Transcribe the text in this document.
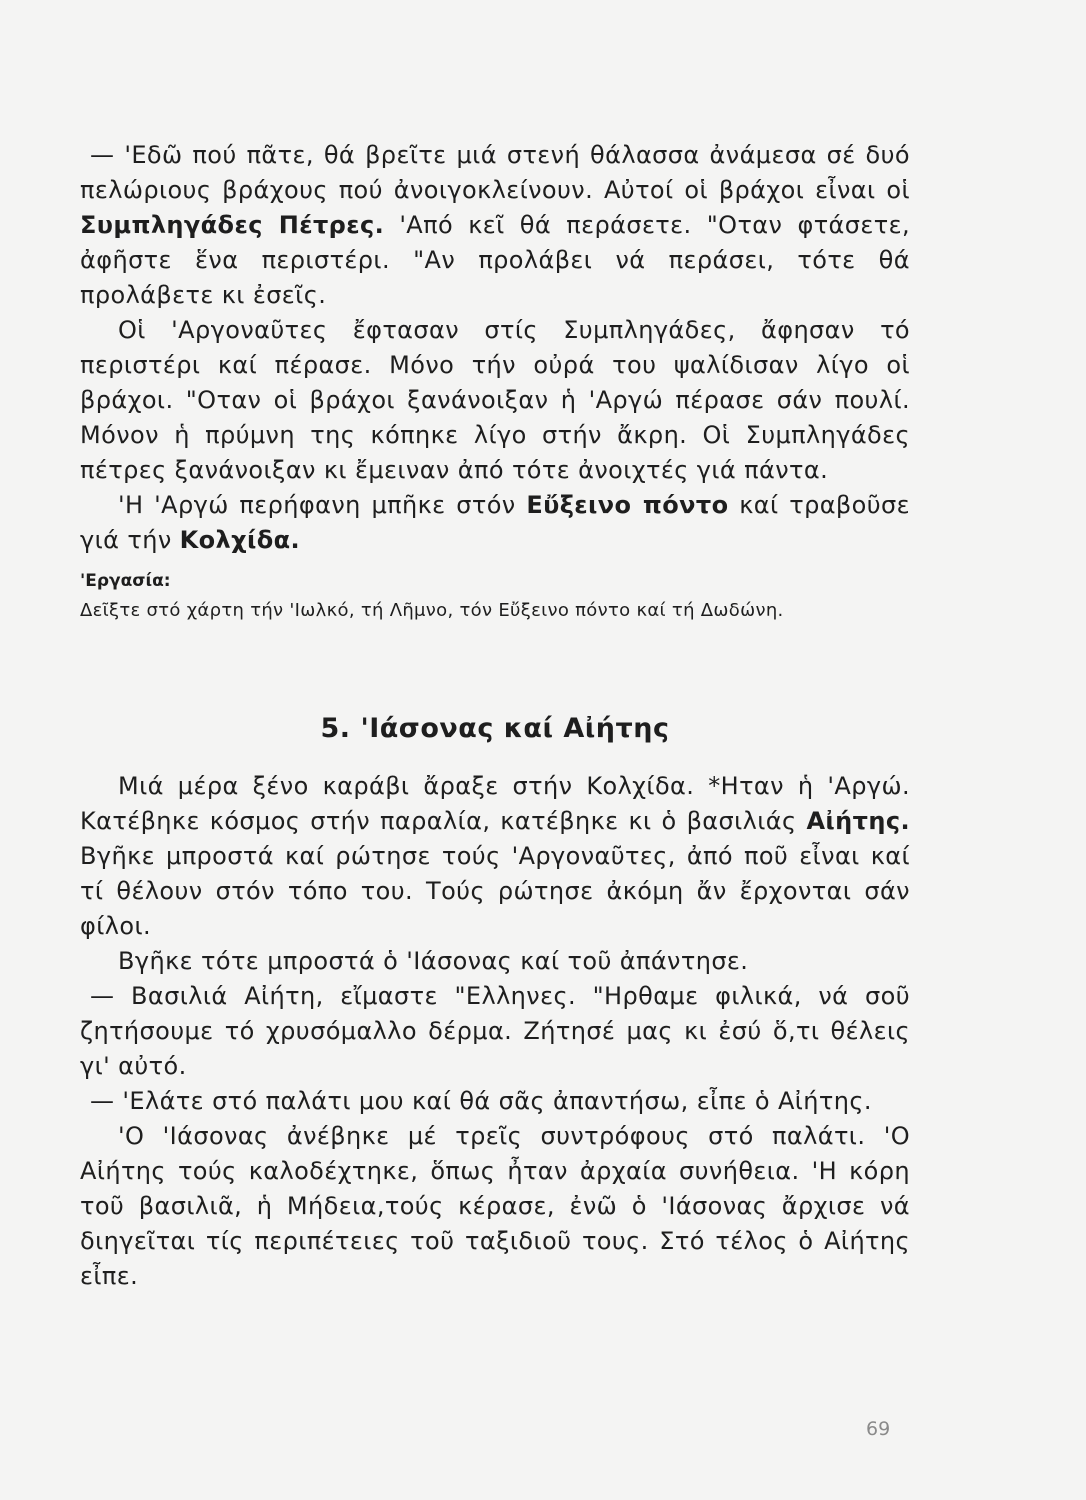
— 'Εδῶ πού πᾶτε, θά βρεῖτε μιά στενή θάλασσα ἀνάμεσα σέ δυό πελώριους βράχους πού ἀνοιγοκλείνουν. Αὐτοί οἱ βράχοι εἶναι οἱ Συμπληγάδες Πέτρες. 'Από κεῖ θά περάσετε. "Οταν φτάσετε, ἀφῆστε ἕνα περιστέρι. "Αν προλάβει νά περάσει, τότε θά προλάβετε κι ἐσεῖς.

Οἱ 'Αργοναῦτες ἔφτασαν στίς Συμπληγάδες, ἄφησαν τό περιστέρι καί πέρασε. Μόνο τήν οὐρά του ψαλίδισαν λίγο οἱ βράχοι. "Οταν οἱ βράχοι ξανάνοιξαν ἡ 'Αργώ πέρασε σάν πουλί. Μόνον ἡ πρύμνη της κόπηκε λίγο στήν ἄκρη. Οἱ Συμπληγάδες πέτρες ξανάνοιξαν κι ἔμειναν ἀπό τότε ἀνοιχτές γιά πάντα.

'Η 'Αργώ περήφανη μπῆκε στόν Εὔξεινο πόντο καί τραβοῦσε γιά τήν Κολχίδα.

'Εργασία:

Δεῖξτε στό χάρτη τήν 'Ιωλκό, τή Λῆμνο, τόν Εὔξεινο πόντο καί τή Δωδώνη.

5. 'Ιάσονας καί Αἰήτης

Μιά μέρα ξένο καράβι ἄραξε στήν Κολχίδα. *Ηταν ἡ 'Αργώ. Κατέβηκε κόσμος στήν παραλία, κατέβηκε κι ὁ βασιλιάς Αἰήτης. Βγῆκε μπροστά καί ρώτησε τούς 'Αργοναῦτες, ἀπό ποῦ εἶναι καί τί θέλουν στόν τόπο του. Τούς ρώτησε ἀκόμη ἄν ἔρχονται σάν φίλοι.

Βγῆκε τότε μπροστά ὁ 'Ιάσονας καί τοῦ ἀπάντησε.

— Βασιλιά Αἰήτη, εἴμαστε "Ελληνες. "Ηρθαμε φιλικά, νά σοῦ ζητήσουμε τό χρυσόμαλλο δέρμα. Ζήτησέ μας κι ἐσύ ὅ,τι θέλεις γι' αὐτό.

— 'Ελάτε στό παλάτι μου καί θά σᾶς ἀπαντήσω, εἶπε ὁ Αἰήτης.

'Ο 'Ιάσονας ἀνέβηκε μέ τρεῖς συντρόφους στό παλάτι. 'Ο Αἰήτης τούς καλοδέχτηκε, ὅπως ἦταν ἀρχαία συνήθεια. 'Η κόρη τοῦ βασιλιᾶ, ἡ Μήδεια,τούς κέρασε, ἐνῶ ὁ 'Ιάσονας ἄρχισε νά διηγεῖται τίς περιπέτειες τοῦ ταξιδιοῦ τους. Στό τέλος ὁ Αἰήτης εἶπε.

69
